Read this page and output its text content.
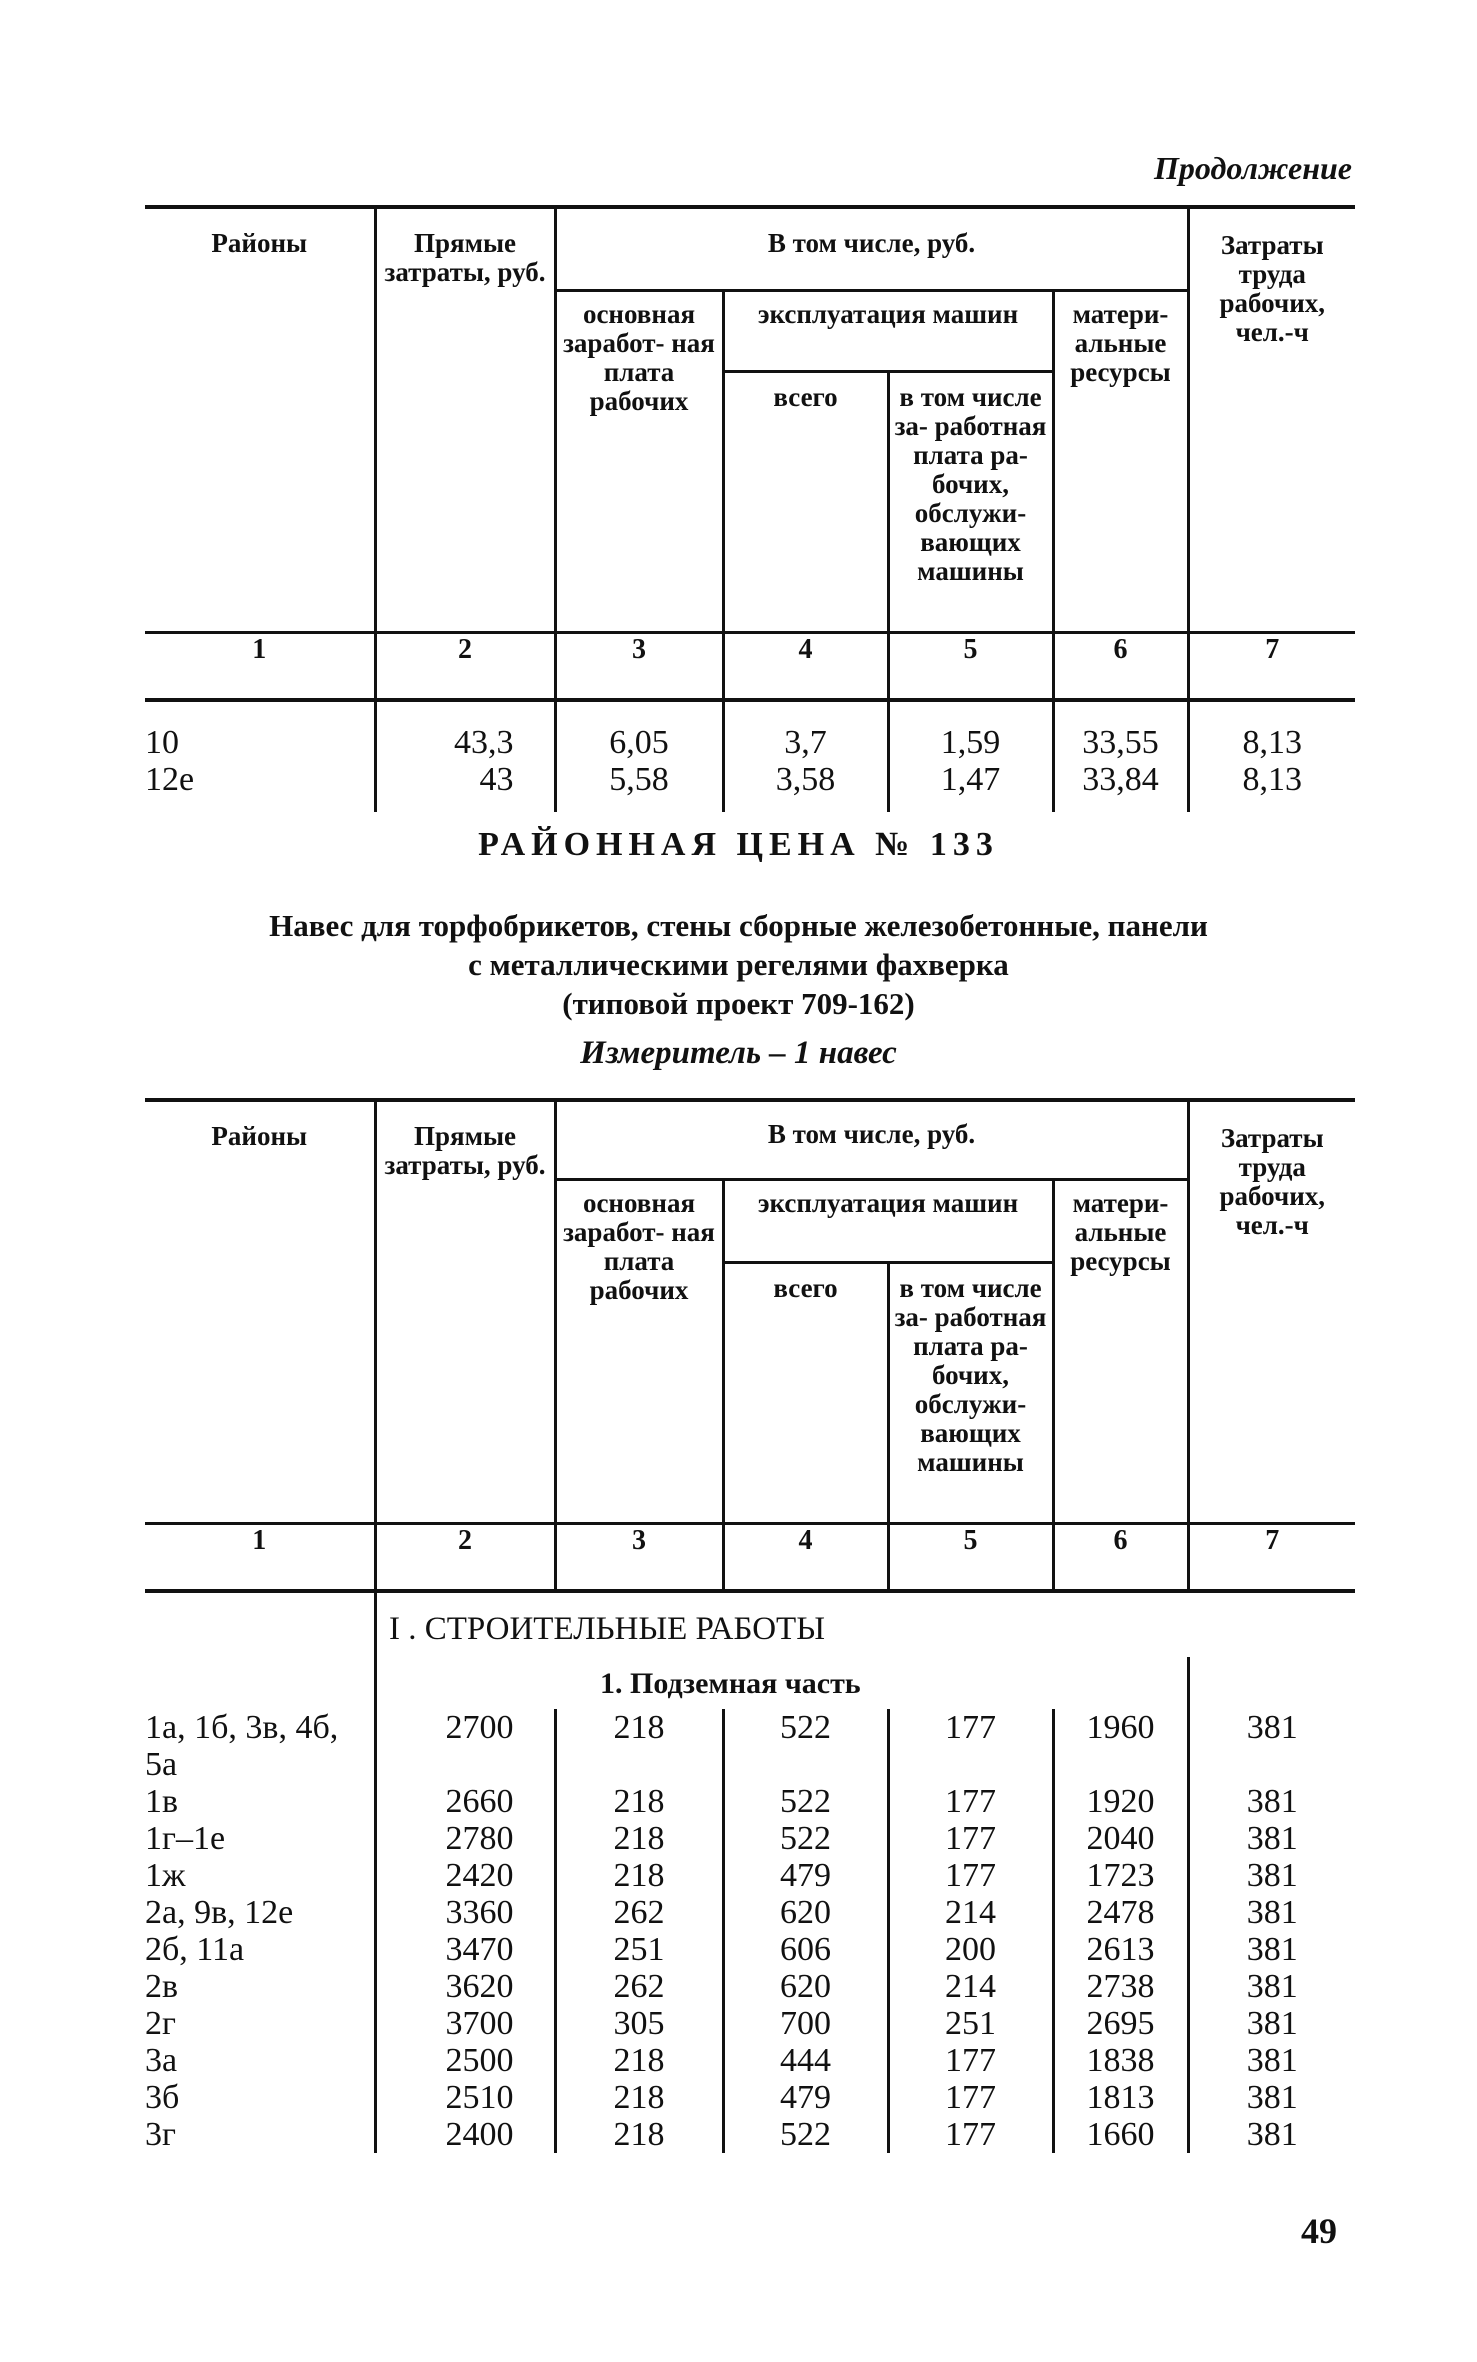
Продолжение
Районы	Прямые затраты, руб.	В том числе, руб.				Затраты труда рабочих, чел.-ч
		основная заработ- ная плата рабочих	эксплуатация машин		матери- альные ресурсы	
			всего	в том числе за- работная плата ра- бочих, обслужи- вающих машины		
1	2	3	4	5	6	7

10	43,3	6,05	3,7	1,59	33,55	8,13
12е	43	5,58	3,58	1,47	33,84	8,13
РАЙОННАЯ ЦЕНА № 133
Навес для торфобрикетов, стены сборные железобетонные, панели
с металлическими регелями фахверка
(типовой проект 709-162)
Измеритель – 1 навес
Районы	Прямые затраты, руб.	В том числе, руб.				Затраты труда рабочих, чел.-ч
		основная заработ- ная плата рабочих	эксплуатация машин		матери- альные ресурсы	
			всего	в том числе за- работная плата ра- бочих, обслужи- вающих машины		
1	2	3	4	5	6	7
	I . СТРОИТЕЛЬНЫЕ РАБОТЫ					
		1. Подземная часть				
1а, 1б, 3в, 4б,	2700	218	522	177	1960	381
5а						
1в	2660	218	522	177	1920	381
1г–1е	2780	218	522	177	2040	381
1ж	2420	218	479	177	1723	381
2а, 9в, 12е	3360	262	620	214	2478	381
2б, 11а	3470	251	606	200	2613	381
2в	3620	262	620	214	2738	381
2г	3700	305	700	251	2695	381
3а	2500	218	444	177	1838	381
3б	2510	218	479	177	1813	381
3г	2400	218	522	177	1660	381
49
